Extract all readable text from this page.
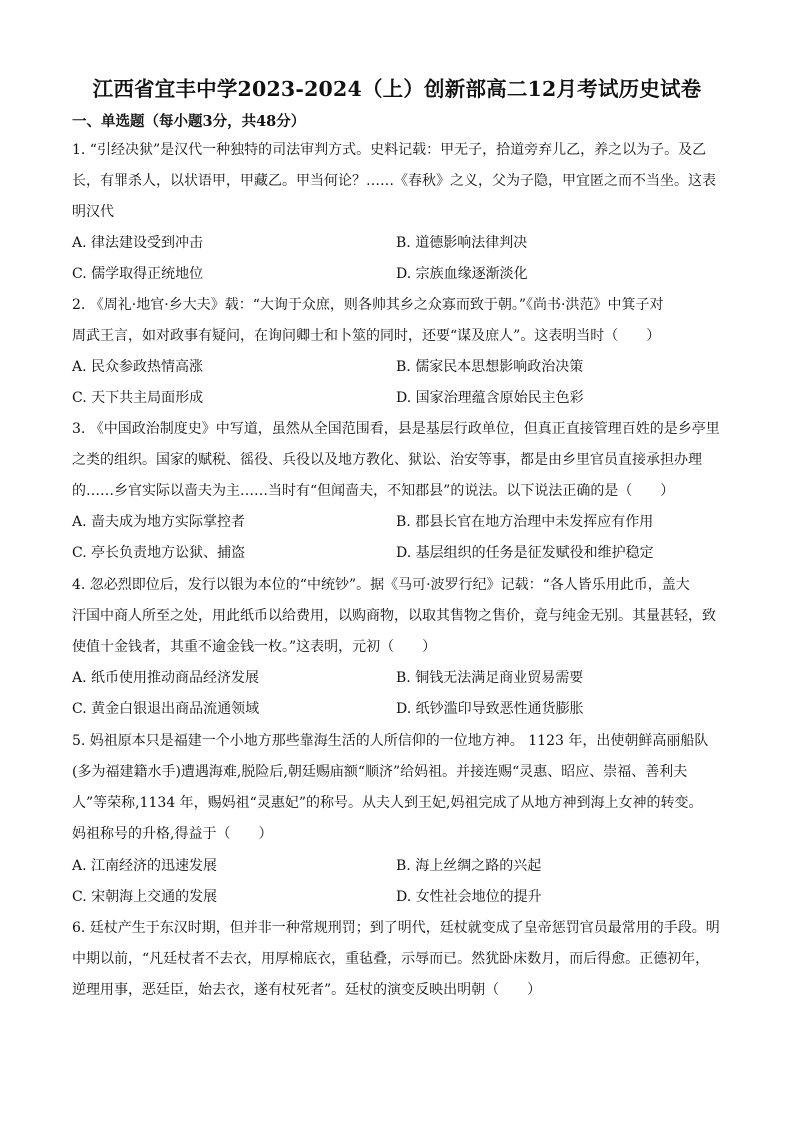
江西省宜丰中学2023-2024（上）创新部高二12月考试历史试卷
一、单选题（每小题3分，共48分）
1. “引经决狱”是汉代一种独特的司法审判方式。史料记载：甲无子，拾道旁弃儿乙，养之以为子。及乙
长，有罪杀人，以状语甲，甲藏乙。甲当何论？……《春秋》之义，父为子隐，甲宜匿之而不当坐。这表
明汉代
A. 律法建设受到冲击	B. 道德影响法律判决
C. 儒学取得正统地位	D. 宗族血缘逐渐淡化
2. 《周礼·地官·乡大夫》载：“大询于众庶，则各帅其乡之众寡而致于朝。”《尚书·洪范》中箕子对
周武王言，如对政事有疑问，在询问卿士和卜筮的同时，还要“谋及庶人”。这表明当时（　　）
A. 民众参政热情高涨	B. 儒家民本思想影响政治决策
C. 天下共主局面形成	D. 国家治理蕴含原始民主色彩
3. 《中国政治制度史》中写道，虽然从全国范围看，县是基层行政单位，但真正直接管理百姓的是乡亭里
之类的组织。国家的赋税、徭役、兵役以及地方教化、狱讼、治安等事，都是由乡里官员直接承担办理
的……乡官实际以啬夫为主……当时有“但闻啬夫，不知郡县”的说法。以下说法正确的是（　　）
A. 啬夫成为地方实际掌控者	B. 郡县长官在地方治理中未发挥应有作用
C. 亭长负责地方讼狱、捕盗	D. 基层组织的任务是征发赋役和维护稳定
4. 忽必烈即位后，发行以银为本位的“中统钞”。据《马可·波罗行纪》记载：“各人皆乐用此币，盖大
汗国中商人所至之处，用此纸币以给费用，以购商物，以取其售物之售价，竟与纯金无别。其量甚轻，致
使值十金钱者，其重不逾金钱一枚。”这表明，元初（　　）
A. 纸币使用推动商品经济发展	B. 铜钱无法满足商业贸易需要
C. 黄金白银退出商品流通领域	D. 纸钞滥印导致恶性通货膨胀
5. 妈祖原本只是福建一个小地方那些靠海生活的人所信仰的一位地方神。 1123 年，出使朝鲜高丽船队
(多为福建籍水手)遭遇海难,脱险后,朝廷赐庙额“顺济”给妈祖。并接连赐“灵惠、昭应、崇福、善利夫
人”等荣称,1134 年，赐妈祖“灵惠妃”的称号。从夫人到王妃,妈祖完成了从地方神到海上女神的转变。
妈祖称号的升格,得益于（　　）
A. 江南经济的迅速发展	B. 海上丝绸之路的兴起
C. 宋朝海上交通的发展	D. 女性社会地位的提升
6. 廷杖产生于东汉时期，但并非一种常规刑罚；到了明代，廷杖就变成了皇帝惩罚官员最常用的手段。明
中期以前，“凡廷杖者不去衣，用厚棉底衣，重毡叠，示辱而已。然犹卧床数月，而后得愈。正德初年，
逆理用事，恶廷臣，始去衣，遂有杖死者”。廷杖的演变反映出明朝（　　）
